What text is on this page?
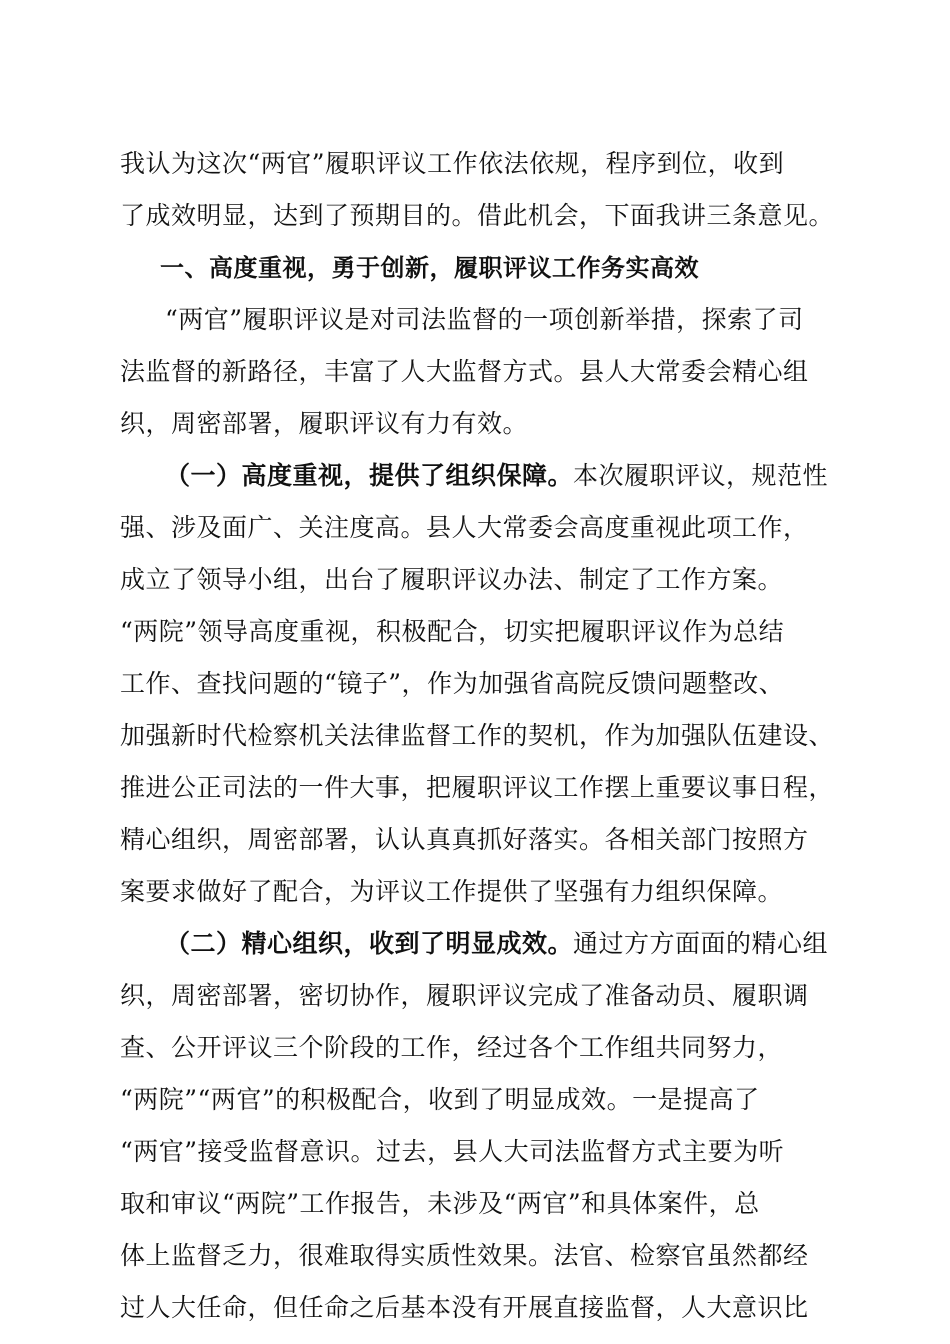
我认为这次“两官”履职评议工作依法依规，程序到位，收到
了成效明显，达到了预期目的。借此机会，下面我讲三条意见。
一、高度重视，勇于创新，履职评议工作务实高效
“两官”履职评议是对司法监督的一项创新举措，探索了司
法监督的新路径，丰富了人大监督方式。县人大常委会精心组
织，周密部署，履职评议有力有效。
（一）高度重视，提供了组织保障。本次履职评议，规范性
强、涉及面广、关注度高。县人大常委会高度重视此项工作，
成立了领导小组，出台了履职评议办法、制定了工作方案。
“两院”领导高度重视，积极配合，切实把履职评议作为总结
工作、查找问题的“镜子”，作为加强省高院反馈问题整改、
加强新时代检察机关法律监督工作的契机，作为加强队伍建设、
推进公正司法的一件大事，把履职评议工作摆上重要议事日程，
精心组织，周密部署，认认真真抓好落实。各相关部门按照方
案要求做好了配合，为评议工作提供了坚强有力组织保障。
（二）精心组织，收到了明显成效。通过方方面面的精心组
织，周密部署，密切协作，履职评议完成了准备动员、履职调
查、公开评议三个阶段的工作，经过各个工作组共同努力，
“两院”“两官”的积极配合，收到了明显成效。一是提高了
“两官”接受监督意识。过去，县人大司法监督方式主要为听
取和审议“两院”工作报告，未涉及“两官”和具体案件，总
体上监督乏力，很难取得实质性效果。法官、检察官虽然都经
过人大任命，但任命之后基本没有开展直接监督，人大意识比
